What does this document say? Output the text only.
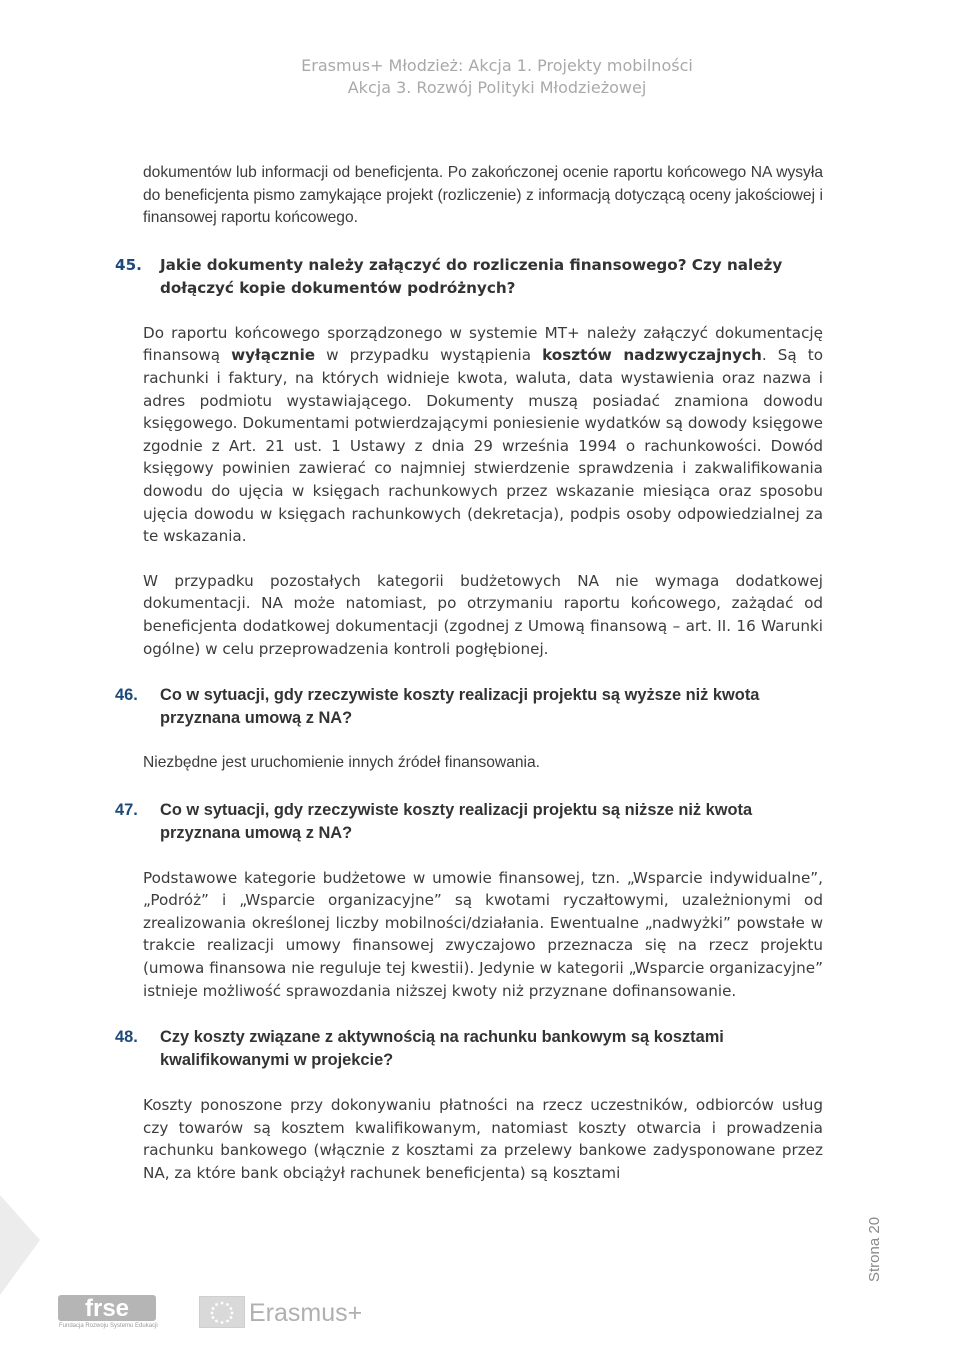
Erasmus+ Młodzież: Akcja 1. Projekty mobilności
Akcja 3. Rozwój Polityki Młodzieżowej

dokumentów lub informacji od beneficjenta. Po zakończonej ocenie raportu końcowego NA wysyła do beneficjenta pismo zamykające projekt (rozliczenie) z informacją dotyczącą oceny jakościowej i finansowej raportu końcowego.

45. Jakie dokumenty należy załączyć do rozliczenia finansowego? Czy należy dołączyć kopie dokumentów podróżnych?

Do raportu końcowego sporządzonego w systemie MT+ należy załączyć dokumentację finansową wyłącznie w przypadku wystąpienia kosztów nadzwyczajnych. Są to rachunki i faktury, na których widnieje kwota, waluta, data wystawienia oraz nazwa i adres podmiotu wystawiającego. Dokumenty muszą posiadać znamiona dowodu księgowego. Dokumentami potwierdzającymi poniesienie wydatków są dowody księgowe zgodnie z Art. 21 ust. 1 Ustawy z dnia 29 września 1994 o rachunkowości. Dowód księgowy powinien zawierać co najmniej stwierdzenie sprawdzenia i zakwalifikowania dowodu do ujęcia w księgach rachunkowych przez wskazanie miesiąca oraz sposobu ujęcia dowodu w księgach rachunkowych (dekretacja), podpis osoby odpowiedzialnej za te wskazania.

W przypadku pozostałych kategorii budżetowych NA nie wymaga dodatkowej dokumentacji. NA może natomiast, po otrzymaniu raportu końcowego, zażądać od beneficjenta dodatkowej dokumentacji (zgodnej z Umową finansową – art. II. 16 Warunki ogólne) w celu przeprowadzenia kontroli pogłębionej.

46. Co w sytuacji, gdy rzeczywiste koszty realizacji projektu są wyższe niż kwota przyznana umową z NA?

Niezbędne jest uruchomienie innych źródeł finansowania.

47. Co w sytuacji, gdy rzeczywiste koszty realizacji projektu są niższe niż kwota przyznana umową z NA?

Podstawowe kategorie budżetowe w umowie finansowej, tzn. „Wsparcie indywidualne”, „Podróż” i „Wsparcie organizacyjne” są kwotami ryczałtowymi, uzależnionymi od zrealizowania określonej liczby mobilności/działania. Ewentualne „nadwyżki” powstałe w trakcie realizacji umowy finansowej zwyczajowo przeznacza się na rzecz projektu (umowa finansowa nie reguluje tej kwestii). Jedynie w kategorii „Wsparcie organizacyjne” istnieje możliwość sprawozdania niższej kwoty niż przyznane dofinansowanie.

48. Czy koszty związane z aktywnością na rachunku bankowym są kosztami kwalifikowanymi w projekcie?

Koszty ponoszone przy dokonywaniu płatności na rzecz uczestników, odbiorców usług czy towarów są kosztem kwalifikowanym, natomiast koszty otwarcia i prowadzenia rachunku bankowego (włącznie z kosztami za przelewy bankowe zadysponowane przez NA, za które bank obciążył rachunek beneficjenta) są kosztami

Strona 20
frse
Fundacja Rozwoju Systemu Edukacji	Erasmus+
